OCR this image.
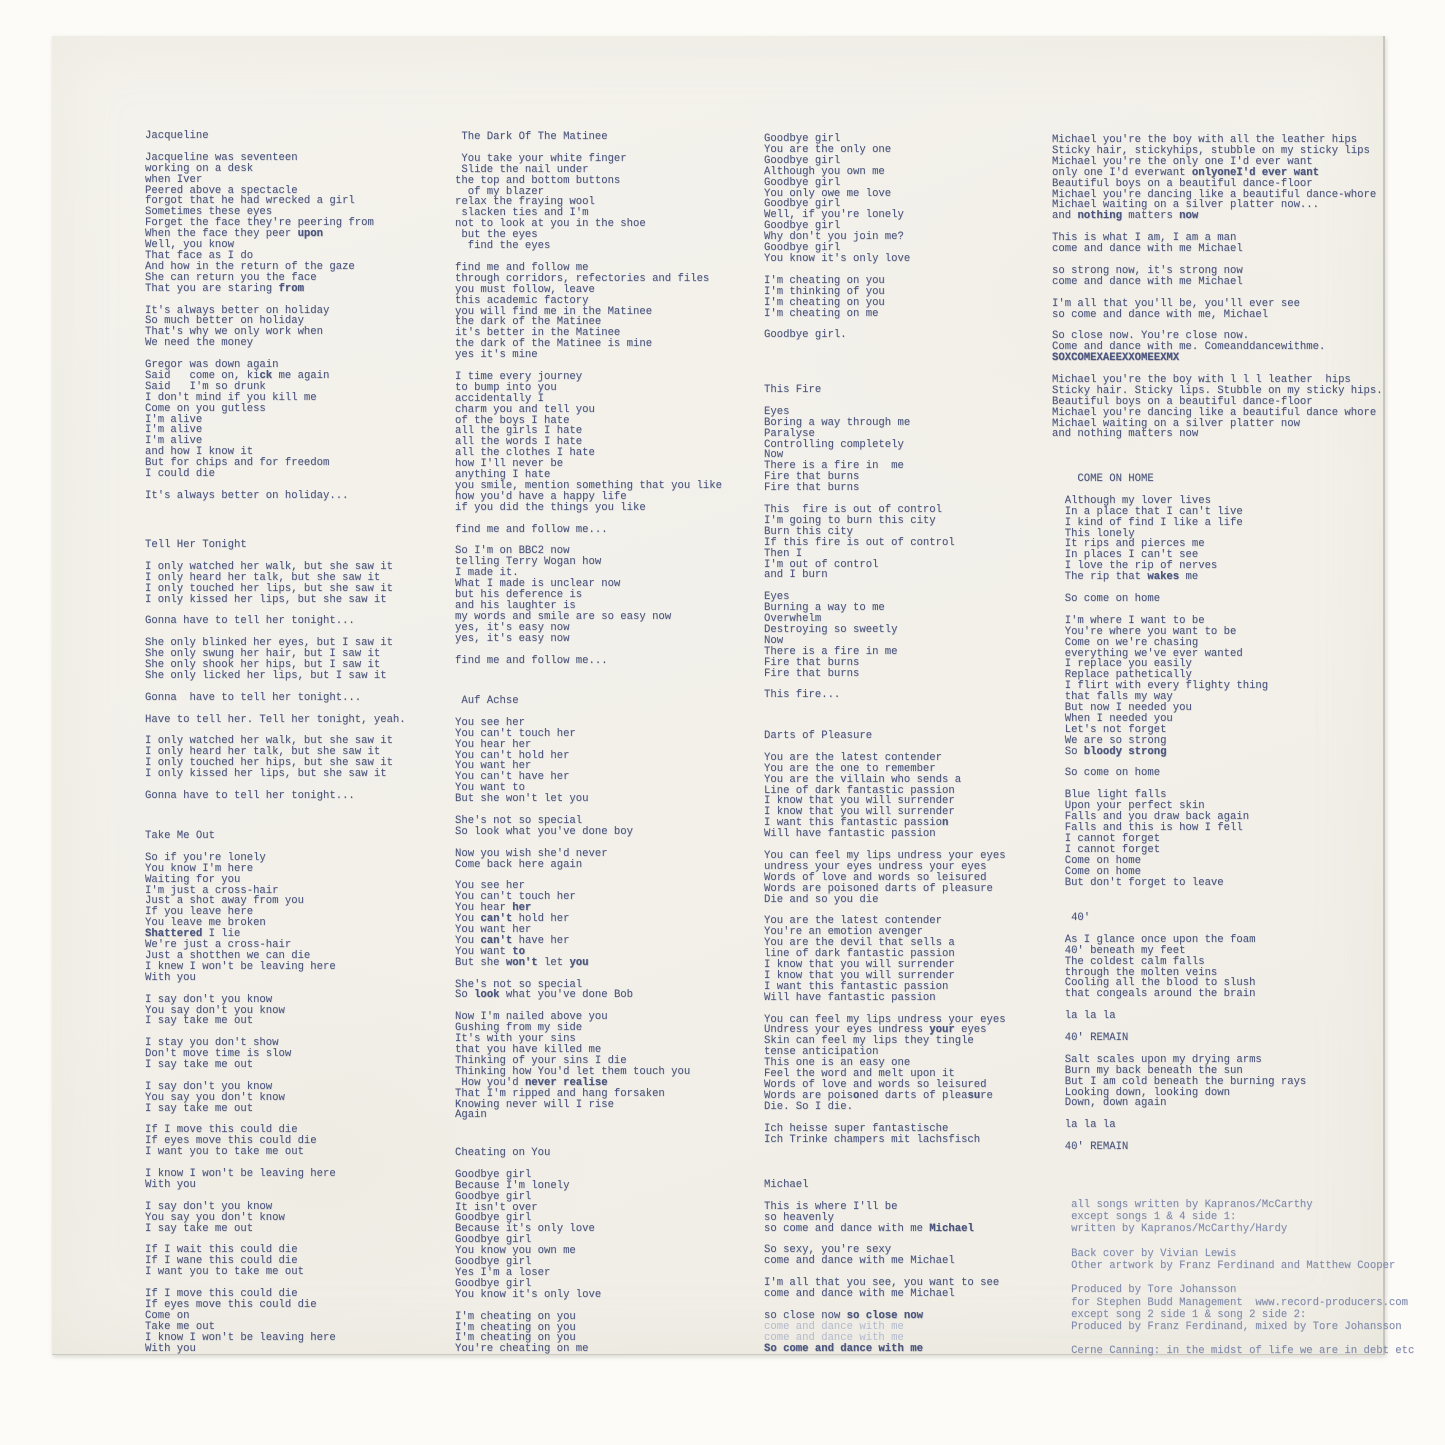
Jacqueline

Jacqueline was seventeen
working on a desk
when Iver
Peered above a spectacle
forgot that he had wrecked a girl
Sometimes these eyes
Forget the face they're peering from
When the face they peer upon
Well, you know
That face as I do
And how in the return of the gaze
She can return you the face
That you are staring from

It's always better on holiday
So much better on holiday
That's why we only work when
We need the money

Gregor was down again
Said   come on, kick me again
Said   I'm so drunk
I don't mind if you kill me
Come on you gutless
I'm alive
I'm alive
I'm alive
and how I know it
But for chips and for freedom
I could die

It's always better on holiday...
Tell Her Tonight

I only watched her walk, but she saw it
I only heard her talk, but she saw it
I only touched her lips, but she saw it
I only kissed her lips, but she saw it

Gonna have to tell her tonight...

She only blinked her eyes, but I saw it
She only swung her hair, but I saw it
She only shook her hips, but I saw it
She only licked her lips, but I saw it

Gonna  have to tell her tonight...

Have to tell her. Tell her tonight, yeah.

I only watched her walk, but she saw it
I only heard her talk, but she saw it
I only touched her hips, but she saw it
I only kissed her lips, but she saw it

Gonna have to tell her tonight...
Take Me Out

So if you're lonely
You know I'm here
Waiting for you
I'm just a cross-hair
Just a shot away from you
If you leave here
You leave me broken
Shattered I lie
We're just a cross-hair
Just a shotthen we can die
I knew I won't be leaving here
With you

I say don't you know
You say don't you know
I say take me out

I stay you don't show
Don't move time is slow
I say take me out

I say don't you know
You say you don't know
I say take me out

If I move this could die
If eyes move this could die
I want you to take me out

I know I won't be leaving here
With you

I say don't you know
You say you don't know
I say take me out

If I wait this could die
If I wane this could die
I want you to take me out

If I move this could die
If eyes move this could die
Come on
Take me out
I know I won't be leaving here
With you
The Dark Of The Matinee

You take your white finger
Slide the nail under
the top and bottom buttons
of my blazer
relax the fraying wool
slacken ties and I'm
not to look at you in the shoe
but the eyes
find the eyes

find me and follow me
through corridors, refectories and files
you must follow, leave
this academic factory
you will find me in the Matinee
the dark of the Matinee
it's better in the Matinee
the dark of the Matinee is mine
yes it's mine

I time every journey
to bump into you
accidentally I
charm you and tell you
of the boys I hate
all the girls I hate
all the words I hate
all the clothes I hate
how I'll never be
anything I hate
you smile, mention something that you like
how you'd have a happy life
if you did the things you like

find me and follow me...

So I'm on BBC2 now
telling Terry Wogan how
I made it.
What I made is unclear now
but his deference is
and his laughter is
my words and smile are so easy now
yes, it's easy now
yes, it's easy now

find me and follow me...
Auf Achse

You see her
You can't touch her
You hear her
You can't hold her
You want her
You can't have her
You want to
But she won't let you

She's not so special
So look what you've done boy

Now you wish she'd never
Come back here again

You see her
You can't touch her
You hear her
You can't hold her
You want her
You can't have her
You want to
But she won't let you

She's not so special
So look what you've done Bob

Now I'm nailed above you
Gushing from my side
It's with your sins
that you have killed me
Thinking of your sins I die
Thinking how You'd let them touch you
How you'd never realise
That I'm ripped and hang forsaken
Knowing never will I rise
Again
Cheating on You

Goodbye girl
Because I'm lonely
Goodbye girl
It isn't over
Goodbye girl
Because it's only love
Goodbye girl
You know you own me
Goodbye girl
Yes I'm a loser
Goodbye girl
You know it's only love

I'm cheating on you
I'm cheating on you
I'm cheating on you
You're cheating on me
Goodbye girl
You are the only one
Goodbye girl
Although you own me
Goodbye girl
You only owe me love
Goodbye girl
Well, if you're lonely
Goodbye girl
Why don't you join me?
Goodbye girl
You know it's only love

I'm cheating on you
I'm thinking of you
I'm cheating on you
I'm cheating on me

Goodbye girl.
This Fire

Eyes
Boring a way through me
Paralyse
Controlling completely
Now
There is a fire in  me
Fire that burns
Fire that burns

This  fire is out of control
I'm going to burn this city
Burn this city
If this fire is out of control
Then I
I'm out of control
and I burn

Eyes
Burning a way to me
Overwhelm
Destroying so sweetly
Now
There is a fire in me
Fire that burns
Fire that burns

This fire...
Darts of Pleasure

You are the latest contender
You are the one to remember
You are the villain who sends a
Line of dark fantastic passion
I know that you will surrender
I know that you will surrender
I want this fantastic passion
Will have fantastic passion

You can feel my lips undress your eyes
undress your eyes undress your eyes
Words of love and words so leisured
Words are poisoned darts of pleasure
Die and so you die

You are the latest contender
You're an emotion avenger
You are the devil that sells a
line of dark fantastic passion
I know that you will surrender
I know that you will surrender
I want this fantastic passion
Will have fantastic passion

You can feel my lips undress your eyes
Undress your eyes undress your eyes
Skin can feel my lips they tingle
tense anticipation
This one is an easy one
Feel the word and melt upon it
Words of love and words so leisured
Words are poisoned darts of pleasure
Die. So I die.

Ich heisse super fantastische
Ich Trinke champers mit lachsfisch
Michael

This is where I'll be
so heavenly
so come and dance with me Michael

So sexy, you're sexy
come and dance with me Michael

I'm all that you see, you want to see
come and dance with me Michael

so close now so close now
come and dance with me
come and dance with me
So come and dance with me
Michael you're the boy with all the leather hips
Sticky hair, stickyhips, stubble on my sticky lips
Michael you're the only one I'd ever want
only one I'd everwant onlyoneI'd ever want
Beautiful boys on a beautiful dance-floor
Michael you're dancing like a beautiful dance-whore
Michael waiting on a silver platter now...
and nothing matters now

This is what I am, I am a man
come and dance with me Michael

so strong now, it's strong now
come and dance with me Michael

I'm all that you'll be, you'll ever see
so come and dance with me, Michael

So close now. You're close now.
Come and dance with me. Comeanddancewithme.
SOXCOMEXAEEXXOMEEXMX

Michael you're the boy with l l l leather  hips
Sticky hair. Sticky lips. Stubble on my sticky hips.
Beautiful boys on a beautiful dance-floor
Michael you're dancing like a beautiful dance whore
Michael waiting on a silver platter now
and nothing matters now
COME ON HOME

Although my lover lives
In a place that I can't live
I kind of find I like a life
This lonely
It rips and pierces me
In places I can't see
I love the rip of nerves
The rip that wakes me

So come on home

I'm where I want to be
You're where you want to be
Come on we're chasing
everything we've ever wanted
I replace you easily
Replace pathetically
I flirt with every flighty thing
that falls my way
But now I needed you
When I needed you
Let's not forget
We are so strong
So bloody strong

So come on home

Blue light falls
Upon your perfect skin
Falls and you draw back again
Falls and this is how I fell
I cannot forget
I cannot forget
Come on home
Come on home
But don't forget to leave
40'

As I glance once upon the foam
40' beneath my feet
The coldest calm falls
through the molten veins
Cooling all the blood to slush
that congeals around the brain

la la la

40' REMAIN

Salt scales upon my drying arms
Burn my back beneath the sun
But I am cold beneath the burning rays
Looking down, looking down
Down, down again

la la la

40' REMAIN
all songs written by Kapranos/McCarthy
except songs 1 & 4 side 1:
written by Kapranos/McCarthy/Hardy

Back cover by Vivian Lewis
Other artwork by Franz Ferdinand and Matthew Cooper

Produced by Tore Johansson
for Stephen Budd Management  www.record-producers.com
except song 2 side 1 & song 2 side 2:
Produced by Franz Ferdinand, mixed by Tore Johansson

Cerne Canning: in the midst of life we are in debt etc
